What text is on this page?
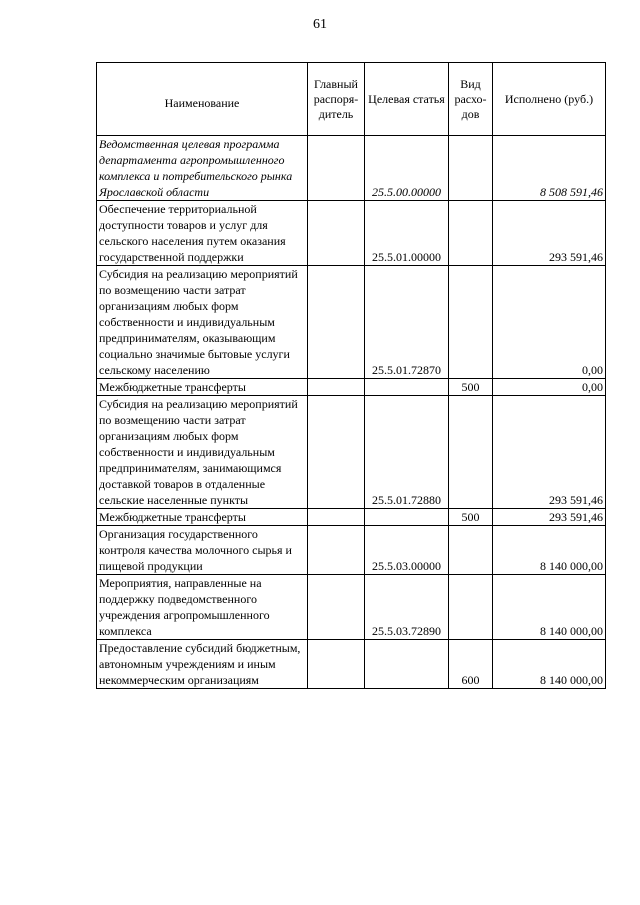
61
Наименование	Главный распоря-дитель	Целевая статья	Вид расхо-дов	Исполнено (руб.)
Ведомственная целевая программа департамента агропромышленного комплекса и потребительского рынка Ярославской области		25.5.00.00000		8 508 591,46
Обеспечение территориальной доступности товаров и услуг для сельского населения путем оказания государственной поддержки		25.5.01.00000		293 591,46
Субсидия на реализацию мероприятий по возмещению части затрат организациям любых форм собственности и индивидуальным предпринимателям, оказывающим социально значимые бытовые услуги сельскому населению		25.5.01.72870		0,00
Межбюджетные трансферты			500	0,00
Субсидия на реализацию мероприятий по возмещению части затрат организациям любых форм собственности и индивидуальным предпринимателям, занимающимся доставкой товаров в отдаленные сельские населенные пункты		25.5.01.72880		293 591,46
Межбюджетные трансферты			500	293 591,46
Организация государственного контроля качества молочного сырья и пищевой продукции		25.5.03.00000		8 140 000,00
Мероприятия, направленные на поддержку подведомственного учреждения агропромышленного комплекса		25.5.03.72890		8 140 000,00
Предоставление субсидий бюджетным, автономным учреждениям и иным некоммерческим организациям			600	8 140 000,00
